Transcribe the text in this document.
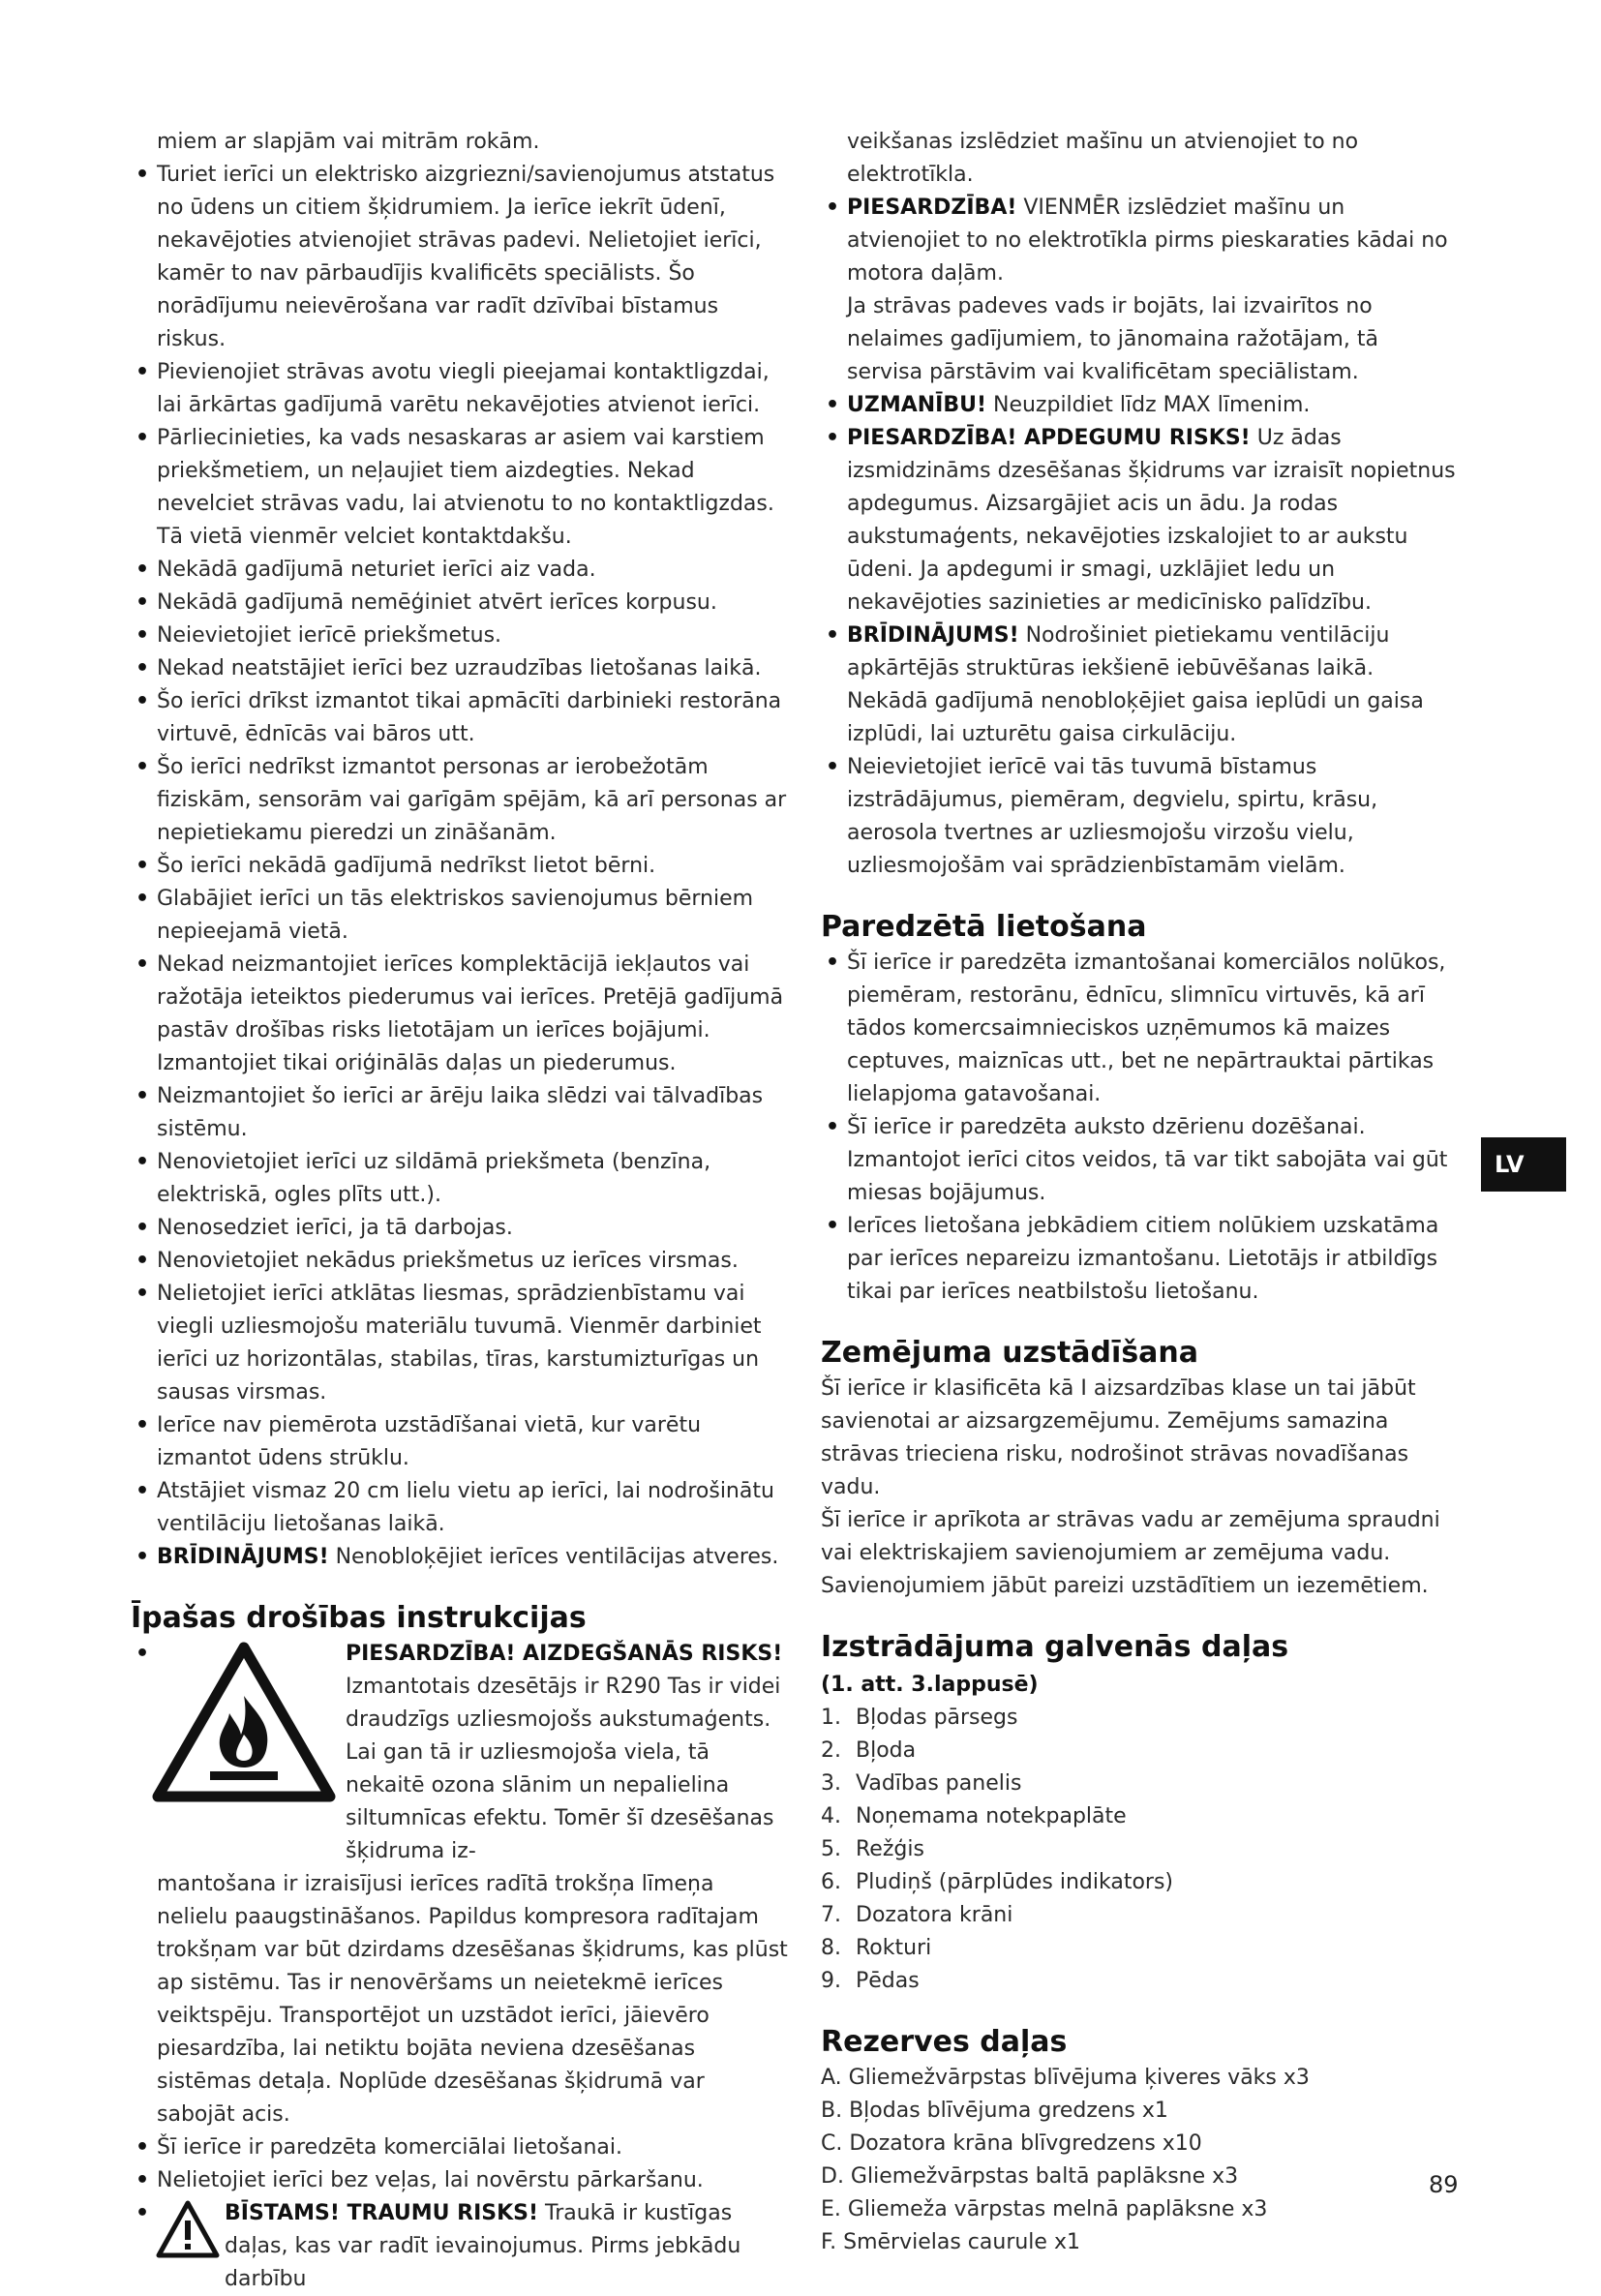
miem ar slapjām vai mitrām rokām.

• Turiet ierīci un elektrisko aizgriezni/savienojumus atstatus no ūdens un citiem šķidrumiem. Ja ierīce iekrīt ūdenī, nekavējoties atvienojiet strāvas padevi. Nelietojiet ierīci, kamēr to nav pārbaudījis kvalificēts speciālists. Šo norādījumu neievērošana var radīt dzīvībai bīstamus riskus.

• Pievienojiet strāvas avotu viegli pieejamai kontaktligzdai, lai ārkārtas gadījumā varētu nekavējoties atvienot ierīci.

• Pārliecinieties, ka vads nesaskaras ar asiem vai karstiem priekšmetiem, un neļaujiet tiem aizdegties. Nekad nevelciet strāvas vadu, lai atvienotu to no kontaktligzdas. Tā vietā vienmēr velciet kontaktdakšu.

• Nekādā gadījumā neturiet ierīci aiz vada.

• Nekādā gadījumā nemēģiniet atvērt ierīces korpusu.

• Neievietojiet ierīcē priekšmetus.

• Nekad neatstājiet ierīci bez uzraudzības lietošanas laikā.

• Šo ierīci drīkst izmantot tikai apmācīti darbinieki restorāna virtuvē, ēdnīcās vai bāros utt.

• Šo ierīci nedrīkst izmantot personas ar ierobežotām fiziskām, sensorām vai garīgām spējām, kā arī personas ar nepietiekamu pieredzi un zināšanām.

• Šo ierīci nekādā gadījumā nedrīkst lietot bērni.

• Glabājiet ierīci un tās elektriskos savienojumus bērniem nepieejamā vietā.

• Nekad neizmantojiet ierīces komplektācijā iekļautos vai ražotāja ieteiktos piederumus vai ierīces. Pretējā gadījumā pastāv drošības risks lietotājam un ierīces bojājumi. Izmantojiet tikai oriģinālās daļas un piederumus.

• Neizmantojiet šo ierīci ar ārēju laika slēdzi vai tālvadības sistēmu.

• Nenovietojiet ierīci uz sildāmā priekšmeta (benzīna, elektriskā, ogles plīts utt.).

• Nenosedziet ierīci, ja tā darbojas.

• Nenovietojiet nekādus priekšmetus uz ierīces virsmas.

• Nelietojiet ierīci atklātas liesmas, sprādzienbīstamu vai viegli uzliesmojošu materiālu tuvumā. Vienmēr darbiniet ierīci uz horizontālas, stabilas, tīras, karstumizturīgas un sausas virsmas.

• Ierīce nav piemērota uzstādīšanai vietā, kur varētu izmantot ūdens strūklu.

• Atstājiet vismaz 20 cm lielu vietu ap ierīci, lai nodrošinātu ventilāciju lietošanas laikā.

• BRĪDINĀJUMS! Nenobloķējiet ierīces ventilācijas atveres.

Īpašas drošības instrukcijas
•	PIESARDZĪBA! AIZDEGŠANĀS RISKS! Izmantotais dzesētājs ir R290 Tas ir videi draudzīgs uzliesmojošs aukstumaģents. Lai gan tā ir uzliesmojoša viela, tā nekaitē ozona slānim un nepalielina siltumnīcas efektu. Tomēr šī dzesēšanas šķidruma iz-

mantošana ir izraisījusi ierīces radītā trokšņa līmeņa nelielu paaugstināšanos. Papildus kompresora radītajam trokšņam var būt dzirdams dzesēšanas šķidrums, kas plūst ap sistēmu. Tas ir nenovēršams un neietekmē ierīces veiktspēju. Transportējot un uzstādot ierīci, jāievēro piesardzība, lai netiktu bojāta neviena dzesēšanas sistēmas detaļa. Noplūde dzesēšanas šķidrumā var sabojāt acis.

• Šī ierīce ir paredzēta komerciālai lietošanai.

• Nelietojiet ierīci bez veļas, lai novērstu pārkaršanu.

•	BĪSTAMS! TRAUMU RISKS! Traukā ir kustīgas daļas, kas var radīt ievainojumus. Pirms jebkādu darbību

veikšanas izslēdziet mašīnu un atvienojiet to no elektrotīkla.

• PIESARDZĪBA! VIENMĒR izslēdziet mašīnu un atvienojiet to no elektrotīkla pirms pieskaraties kādai no motora daļām.

Ja strāvas padeves vads ir bojāts, lai izvairītos no nelaimes gadījumiem, to jānomaina ražotājam, tā servisa pārstāvim vai kvalificētam speciālistam.

• UZMANĪBU! Neuzpildiet līdz MAX līmenim.

• PIESARDZĪBA! APDEGUMU RISKS! Uz ādas izsmidzināms dzesēšanas šķidrums var izraisīt nopietnus apdegumus. Aizsargājiet acis un ādu. Ja rodas aukstumaģents, nekavējoties izskalojiet to ar aukstu ūdeni. Ja apdegumi ir smagi, uzklājiet ledu un nekavējoties sazinieties ar medicīnisko palīdzību.

• BRĪDINĀJUMS! Nodrošiniet pietiekamu ventilāciju apkārtējās struktūras iekšienē iebūvēšanas laikā. Nekādā gadījumā nenobloķējiet gaisa ieplūdi un gaisa izplūdi, lai uzturētu gaisa cirkulāciju.

• Neievietojiet ierīcē vai tās tuvumā bīstamus izstrādājumus, piemēram, degvielu, spirtu, krāsu, aerosola tvertnes ar uzliesmojošu virzošu vielu, uzliesmojošām vai sprādzienbīstamām vielām.

Paredzētā lietošana

• Šī ierīce ir paredzēta izmantošanai komerciālos nolūkos, piemēram, restorānu, ēdnīcu, slimnīcu virtuvēs, kā arī tādos komercsaimnieciskos uzņēmumos kā maizes ceptuves, maiznīcas utt., bet ne nepārtrauktai pārtikas lielapjoma gatavošanai.

• Šī ierīce ir paredzēta auksto dzērienu dozēšanai. Izmantojot ierīci citos veidos, tā var tikt sabojāta vai gūt miesas bojājumus.

• Ierīces lietošana jebkādiem citiem nolūkiem uzskatāma par ierīces nepareizu izmantošanu. Lietotājs ir atbildīgs tikai par ierīces neatbilstošu lietošanu.

Zemējuma uzstādīšana

Šī ierīce ir klasificēta kā I aizsardzības klase un tai jābūt savienotai ar aizsargzemējumu. Zemējums samazina strāvas trieciena risku, nodrošinot strāvas novadīšanas vadu.

Šī ierīce ir aprīkota ar strāvas vadu ar zemējuma spraudni vai elektriskajiem savienojumiem ar zemējuma vadu. Savienojumiem jābūt pareizi uzstādītiem un iezemētiem.

Izstrādājuma galvenās daļas

(1. att. 3.lappusē)

1. Bļodas pārsegs

2. Bļoda

3. Vadības panelis

4. Noņemama notekpaplāte

5. Režģis

6. Pludiņš (pārplūdes indikators)

7. Dozatora krāni

8. Rokturi

9. Pēdas

Rezerves daļas

A. Gliemežvārpstas blīvējuma ķiveres vāks x3

B. Bļodas blīvējuma gredzens x1

C. Dozatora krāna blīvgredzens x10

D. Gliemežvārpstas baltā paplāksne x3

E. Gliemeža vārpstas melnā paplāksne x3

F. Smērvielas caurule x1

LV
89
